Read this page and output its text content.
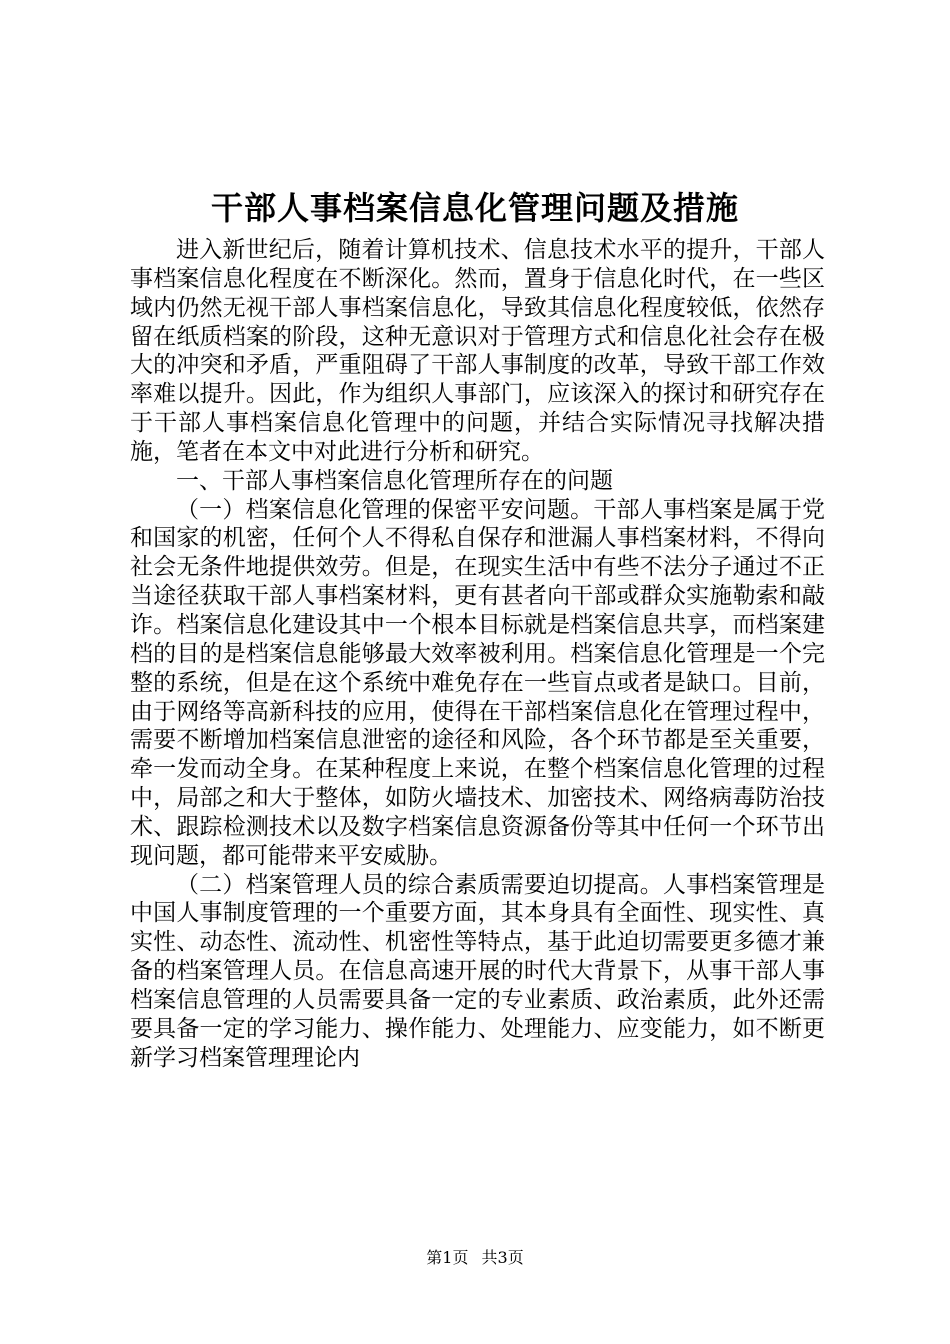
干部人事档案信息化管理问题及措施

进入新世纪后，随着计算机技术、信息技术水平的提升，干部人事档案信息化程度在不断深化。然而，置身于信息化时代，在一些区域内仍然无视干部人事档案信息化，导致其信息化程度较低，依然存留在纸质档案的阶段，这种无意识对于管理方式和信息化社会存在极大的冲突和矛盾，严重阻碍了干部人事制度的改革，导致干部工作效率难以提升。因此，作为组织人事部门，应该深入的探讨和研究存在于干部人事档案信息化管理中的问题，并结合实际情况寻找解决措施，笔者在本文中对此进行分析和研究。

一、干部人事档案信息化管理所存在的问题

（一）档案信息化管理的保密平安问题。干部人事档案是属于党和国家的机密，任何个人不得私自保存和泄漏人事档案材料，不得向社会无条件地提供效劳。但是，在现实生活中有些不法分子通过不正当途径获取干部人事档案材料，更有甚者向干部或群众实施勒索和敲诈。档案信息化建设其中一个根本目标就是档案信息共享，而档案建档的目的是档案信息能够最大效率被利用。档案信息化管理是一个完整的系统，但是在这个系统中难免存在一些盲点或者是缺口。目前，由于网络等高新科技的应用，使得在干部档案信息化在管理过程中，需要不断增加档案信息泄密的途径和风险，各个环节都是至关重要，牵一发而动全身。在某种程度上来说，在整个档案信息化管理的过程中，局部之和大于整体，如防火墙技术、加密技术、网络病毒防治技术、跟踪检测技术以及数字档案信息资源备份等其中任何一个环节出现问题，都可能带来平安威胁。

（二）档案管理人员的综合素质需要迫切提高。人事档案管理是中国人事制度管理的一个重要方面，其本身具有全面性、现实性、真实性、动态性、流动性、机密性等特点，基于此迫切需要更多德才兼备的档案管理人员。在信息高速开展的时代大背景下，从事干部人事档案信息管理的人员需要具备一定的专业素质、政治素质，此外还需要具备一定的学习能力、操作能力、处理能力、应变能力，如不断更新学习档案管理理论内

第1页 共3页
